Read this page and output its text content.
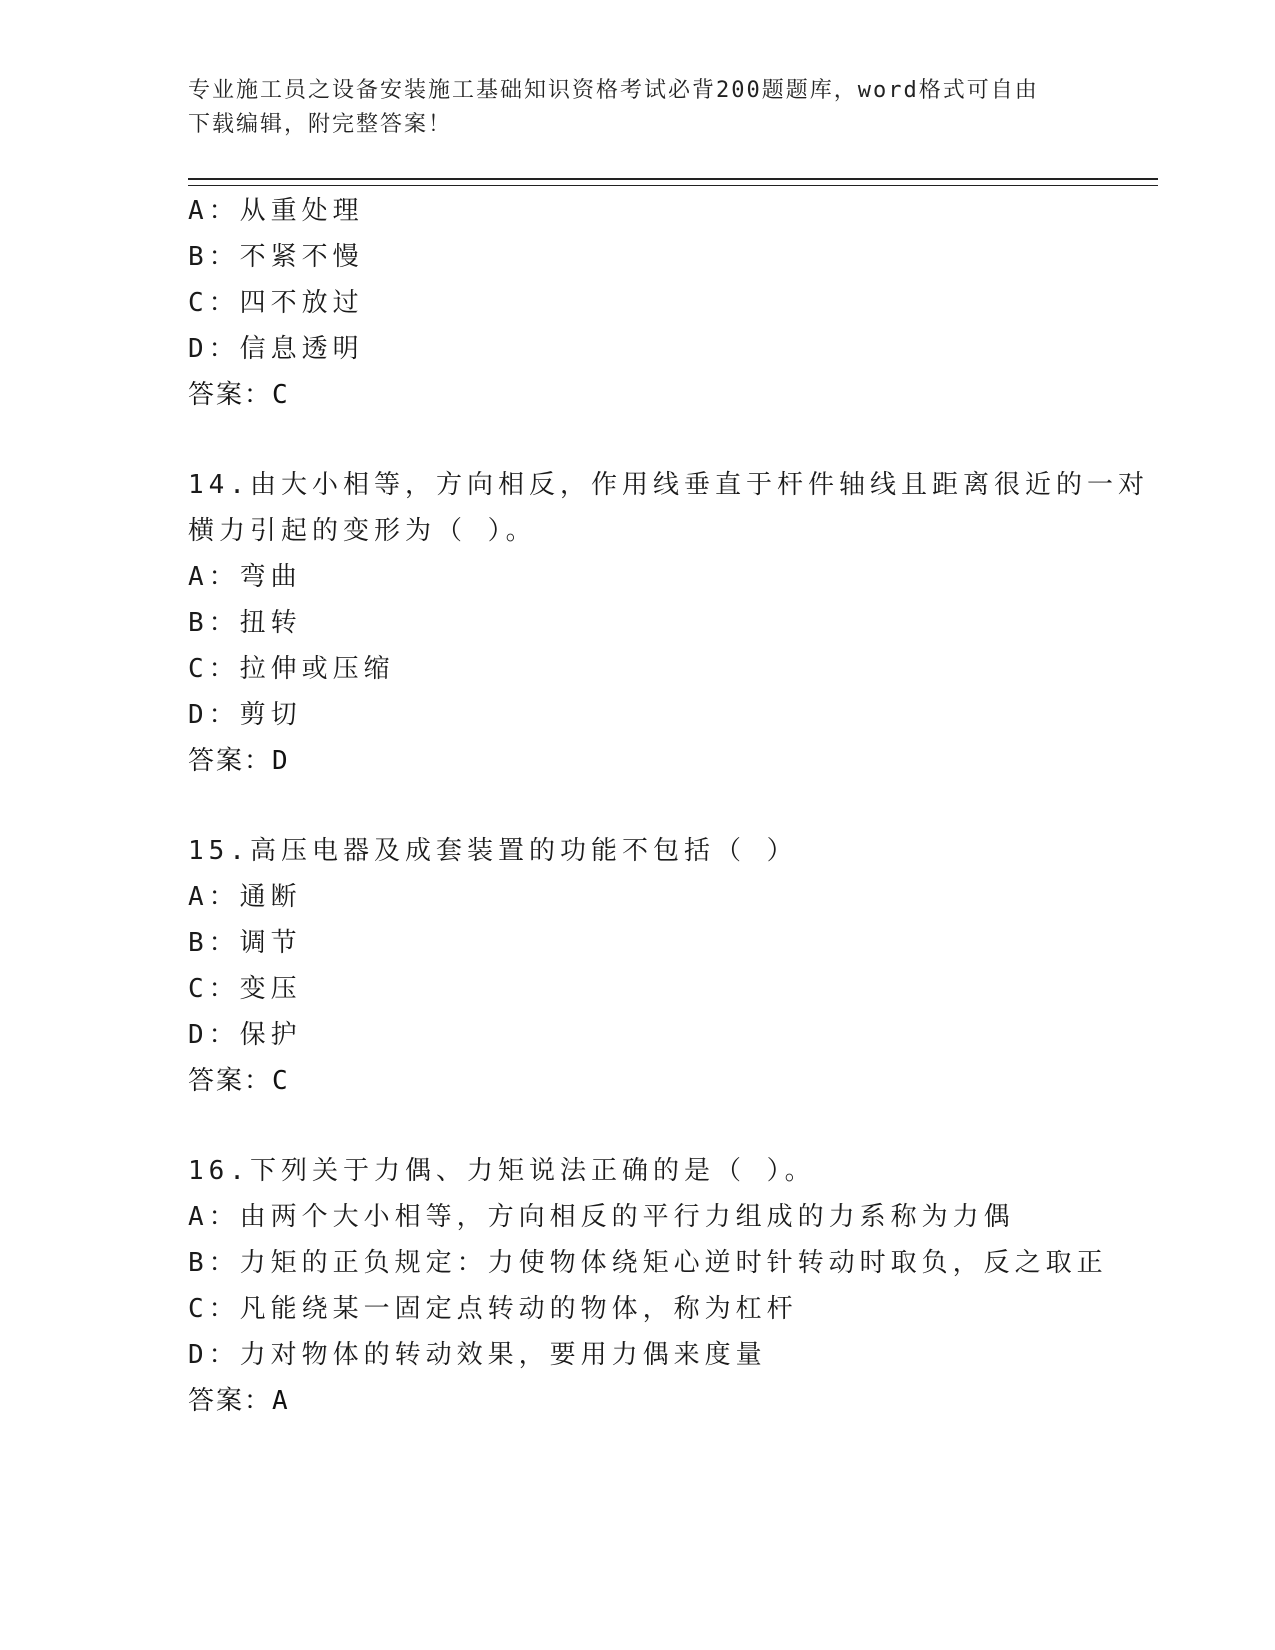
专业施工员之设备安装施工基础知识资格考试必背200题题库，word格式可自由
下载编辑，附完整答案！
A：从重处理
B：不紧不慢
C：四不放过
D：信息透明
答案：C
14.由大小相等，方向相反，作用线垂直于杆件轴线且距离很近的一对
横力引起的变形为（ ）。
A：弯曲
B：扭转
C：拉伸或压缩
D：剪切
答案：D
15.高压电器及成套装置的功能不包括（ ）
A：通断
B：调节
C：变压
D：保护
答案：C
16.下列关于力偶、力矩说法正确的是（ ）。
A：由两个大小相等，方向相反的平行力组成的力系称为力偶
B：力矩的正负规定：力使物体绕矩心逆时针转动时取负，反之取正
C：凡能绕某一固定点转动的物体，称为杠杆
D：力对物体的转动效果，要用力偶来度量
答案：A
